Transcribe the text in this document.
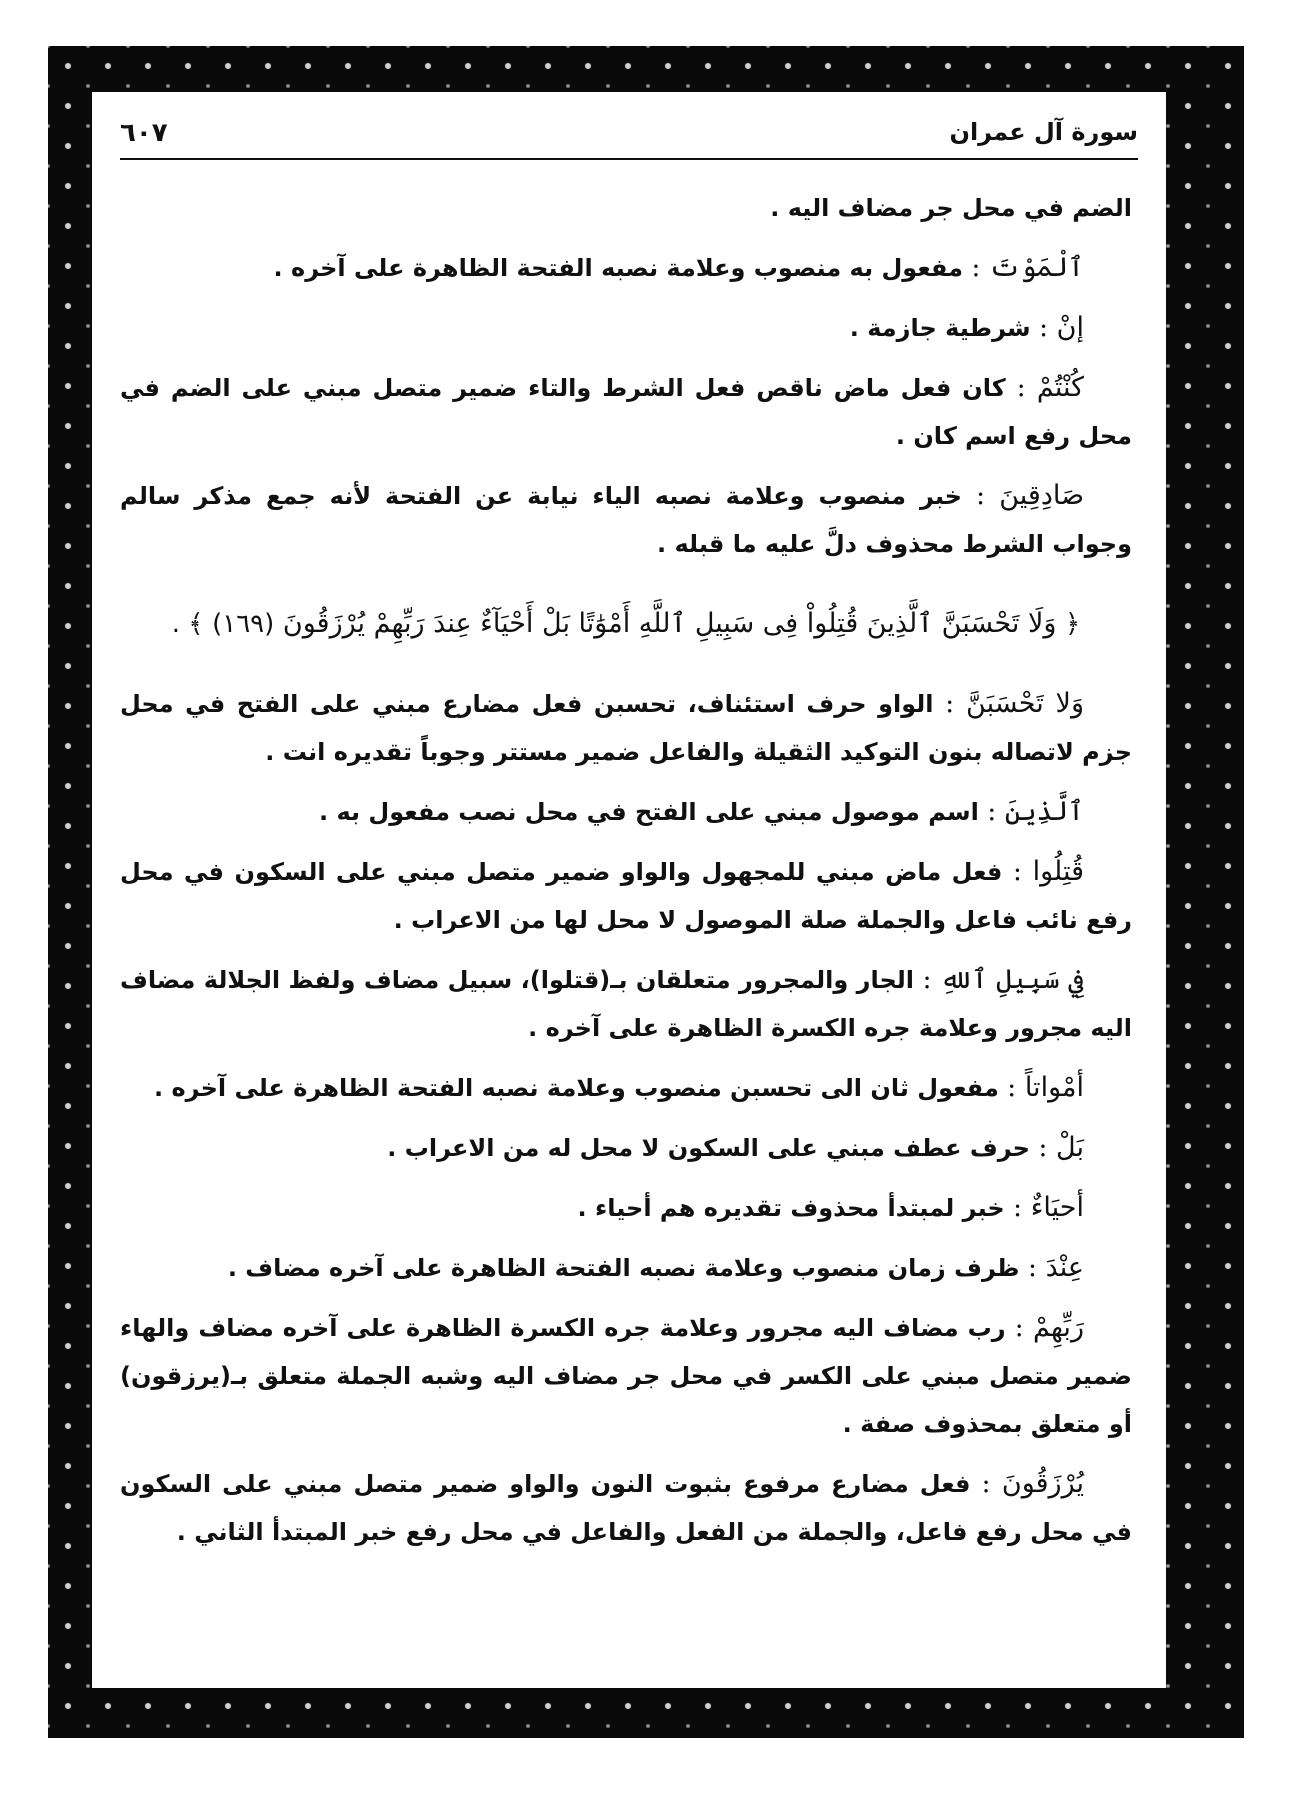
سورة آل عمران
٦٠٧

الضم في محل جر مضاف اليه .

ٱلْمَوْتَ : مفعول به منصوب وعلامة نصبه الفتحة الظاهرة على آخره .

إنْ : شرطية جازمة .

كُنْتُمْ : كان فعل ماض ناقص فعل الشرط والتاء ضمير متصل مبني على الضم في محل رفع اسم كان .

صَادِقِينَ : خبر منصوب وعلامة نصبه الياء نيابة عن الفتحة لأنه جمع مذكر سالم وجواب الشرط محذوف دلَّ عليه ما قبله .

﴿ وَلَا تَحْسَبَنَّ ٱلَّذِينَ قُتِلُواْ فِى سَبِيلِ ٱللَّهِ أَمْوَٰتًا بَلْ أَحْيَآءٌ عِندَ رَبِّهِمْ يُرْزَقُونَ (١٦٩) ﴾ .

وَلا تَحْسَبَنَّ : الواو حرف استئناف، تحسبن فعل مضارع مبني على الفتح في محل جزم لاتصاله بنون التوكيد الثقيلة والفاعل ضمير مستتر وجوباً تقديره انت .

ٱلَّذِينَ : اسم موصول مبني على الفتح في محل نصب مفعول به .

قُتِلُوا : فعل ماض مبني للمجهول والواو ضمير متصل مبني على السكون في محل رفع نائب فاعل والجملة صلة الموصول لا محل لها من الاعراب .

فِي سَبِيلِ ٱللهِ : الجار والمجرور متعلقان بـ(قتلوا)، سبيل مضاف ولفظ الجلالة مضاف اليه مجرور وعلامة جره الكسرة الظاهرة على آخره .

أمْواتاً : مفعول ثان الى تحسبن منصوب وعلامة نصبه الفتحة الظاهرة على آخره .

بَلْ : حرف عطف مبني على السكون لا محل له من الاعراب .

أحيَاءٌ : خبر لمبتدأ محذوف تقديره هم أحياء .

عِنْدَ : ظرف زمان منصوب وعلامة نصبه الفتحة الظاهرة على آخره مضاف .

رَبِّهِمْ : رب مضاف اليه مجرور وعلامة جره الكسرة الظاهرة على آخره مضاف والهاء ضمير متصل مبني على الكسر في محل جر مضاف اليه وشبه الجملة متعلق بـ(يرزقون) أو متعلق بمحذوف صفة .

يُرْزَقُونَ : فعل مضارع مرفوع بثبوت النون والواو ضمير متصل مبني على السكون في محل رفع فاعل، والجملة من الفعل والفاعل في محل رفع خبر المبتدأ الثاني .
